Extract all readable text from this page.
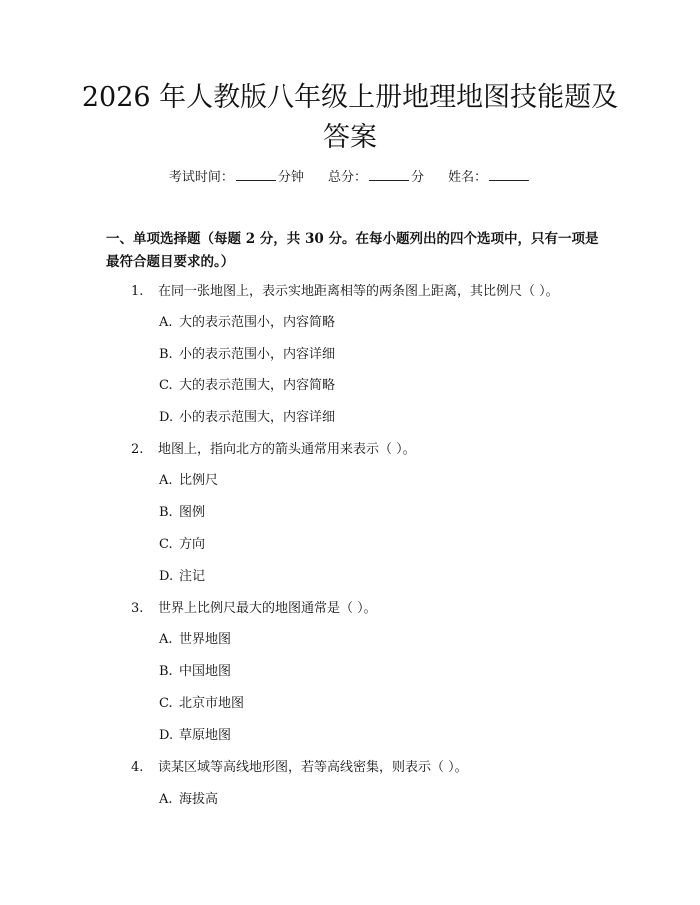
2026 年人教版八年级上册地理地图技能题及
答案
考试时间：	分钟 总分：	分 姓名：

一、单项选择题（每题 2 分，共 30 分。在每小题列出的四个选项中，只有一项是最符合题目要求的。）

1. 在同一张地图上，表示实地距离相等的两条图上距离，其比例尺（ ）。
A. 大的表示范围小，内容简略
B. 小的表示范围小，内容详细
C. 大的表示范围大，内容简略
D. 小的表示范围大，内容详细
2. 地图上，指向北方的箭头通常用来表示（ ）。
A. 比例尺
B. 图例
C. 方向
D. 注记
3. 世界上比例尺最大的地图通常是（ ）。
A. 世界地图
B. 中国地图
C. 北京市地图
D. 草原地图
4. 读某区域等高线地形图，若等高线密集，则表示（ ）。
A. 海拔高
